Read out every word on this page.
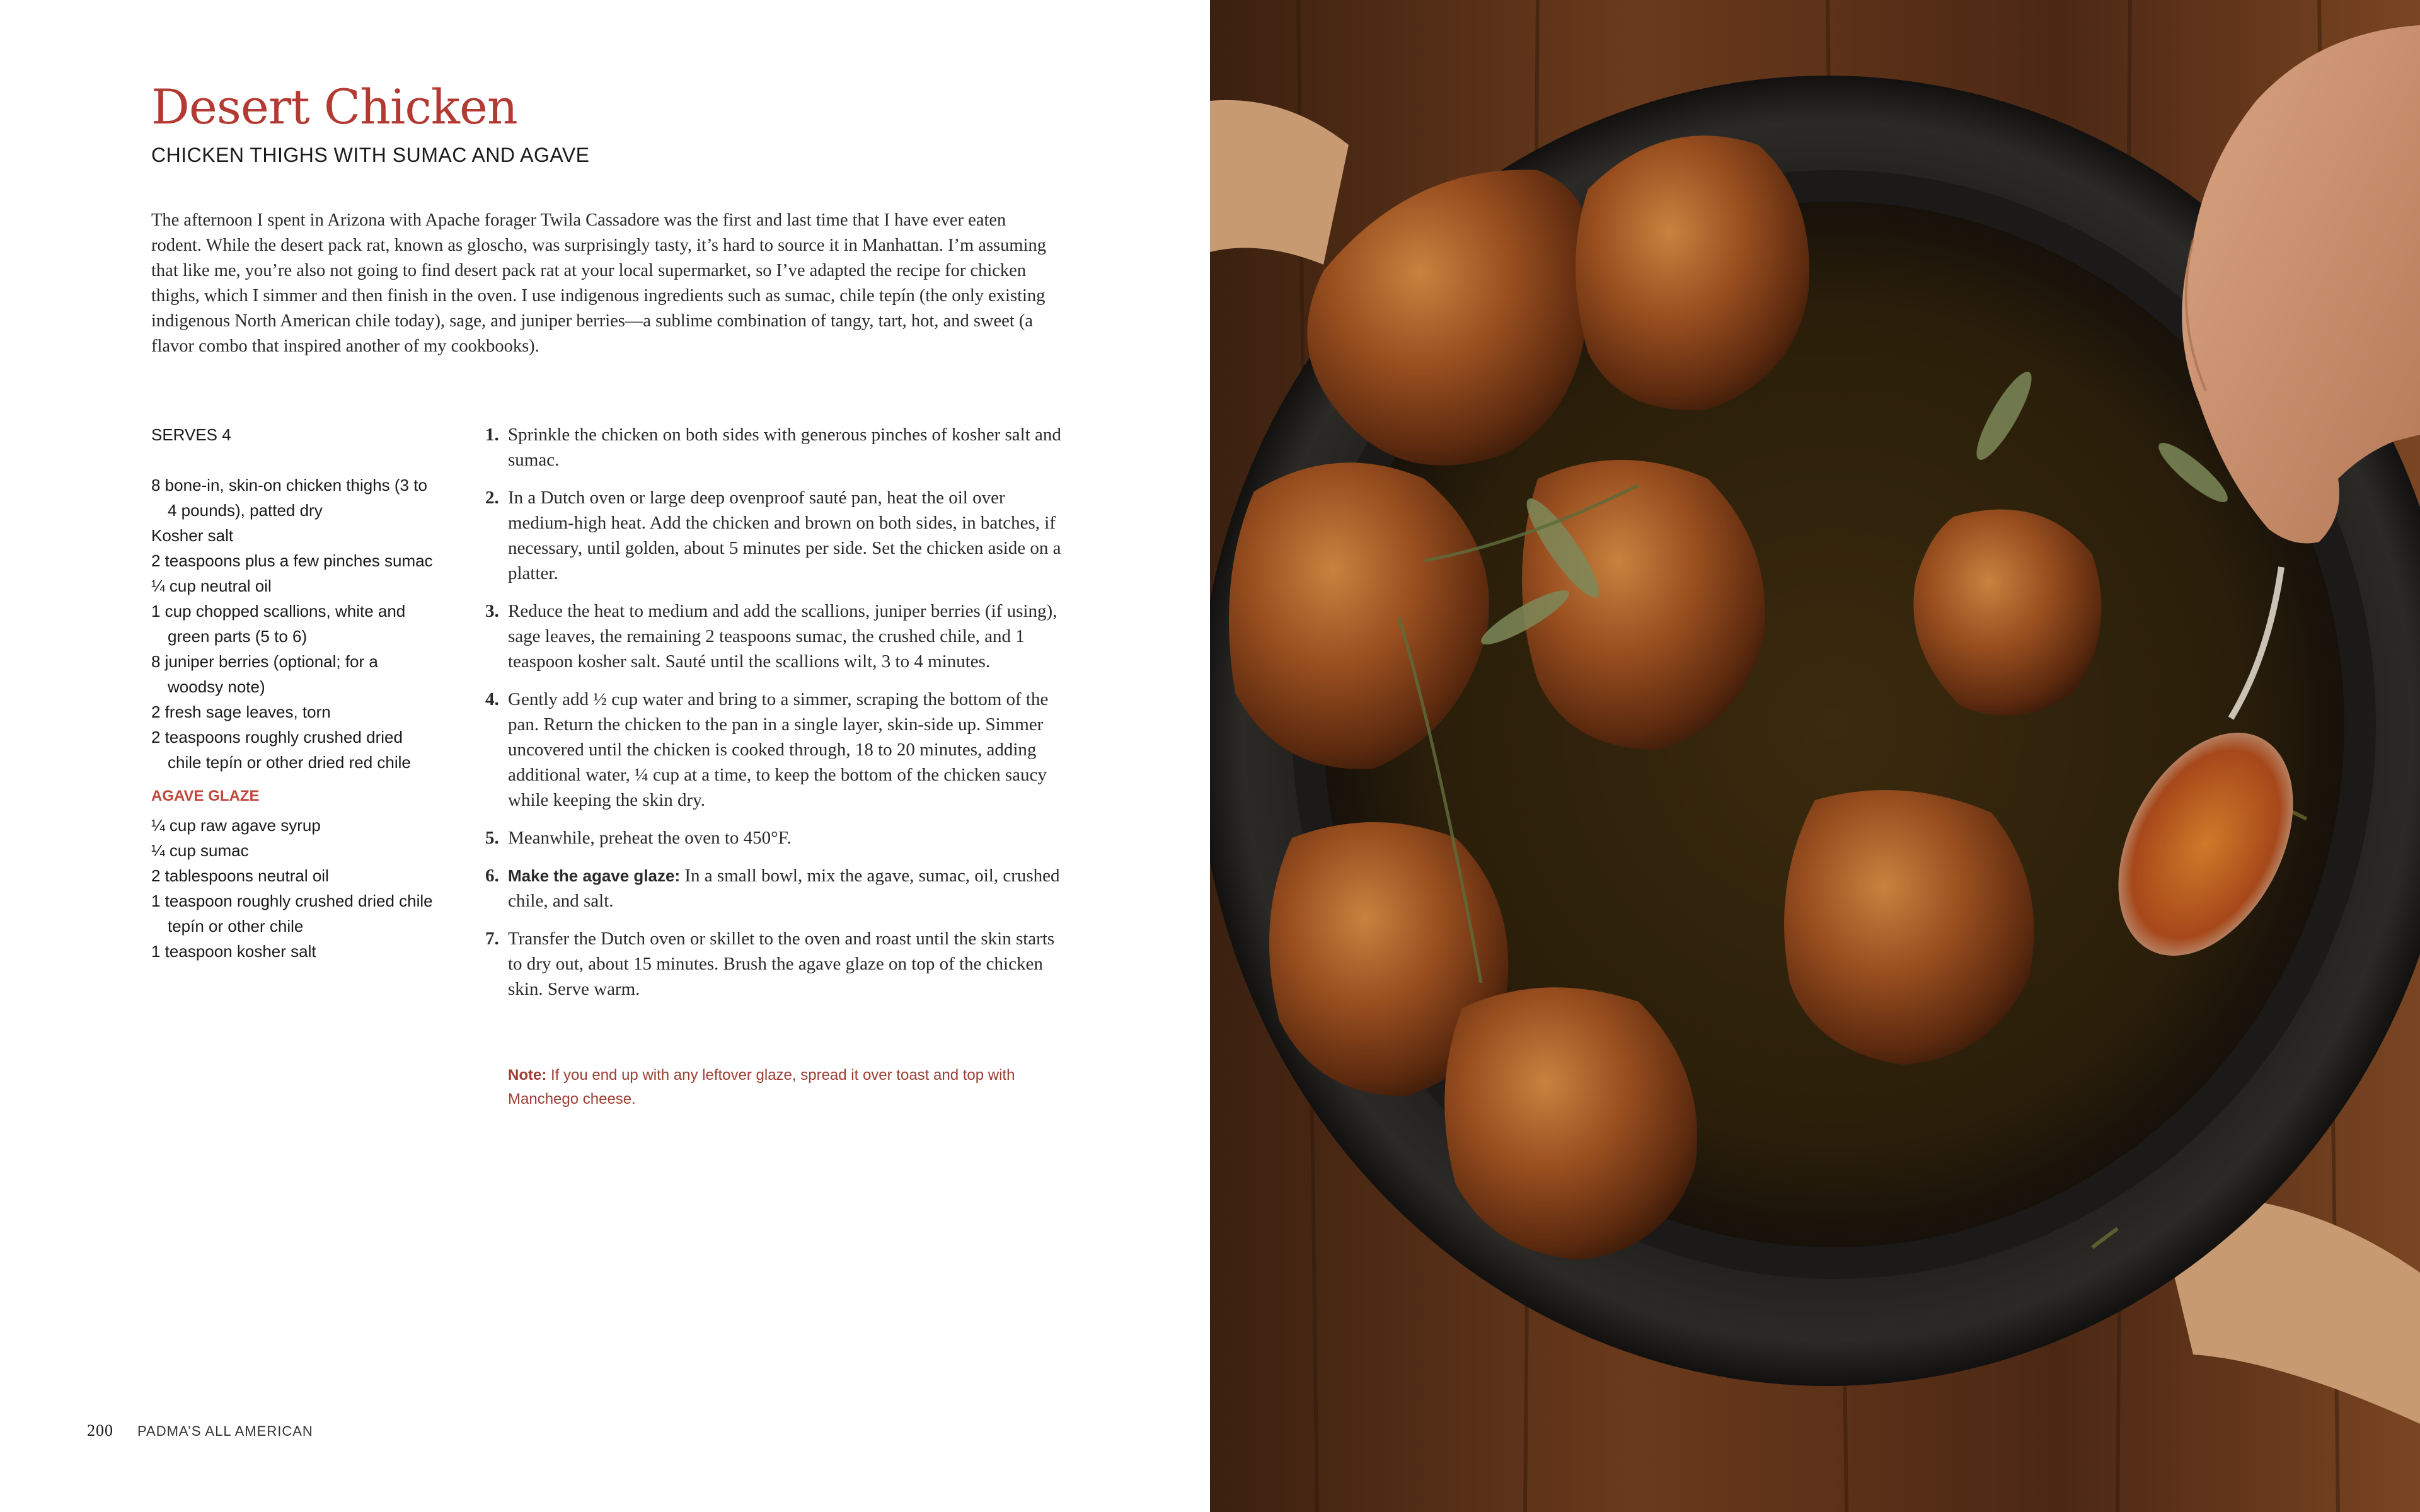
Desert Chicken
CHICKEN THIGHS WITH SUMAC AND AGAVE

The afternoon I spent in Arizona with Apache forager Twila Cassadore was the first and last time that I have ever eaten rodent. While the desert pack rat, known as gloscho, was surprisingly tasty, it’s hard to source it in Manhattan. I’m assuming that like me, you’re also not going to find desert pack rat at your local supermarket, so I’ve adapted the recipe for chicken thighs, which I simmer and then finish in the oven. I use indigenous ingredients such as sumac, chile tepín (the only existing indigenous North American chile today), sage, and juniper berries—a sublime combination of tangy, tart, hot, and sweet (a flavor combo that inspired another of my cookbooks).

SERVES 4
8 bone-in, skin-on chicken thighs (3 to 4 pounds), patted dry
Kosher salt
2 teaspoons plus a few pinches sumac
¼ cup neutral oil
1 cup chopped scallions, white and green parts (5 to 6)
8 juniper berries (optional; for a woodsy note)
2 fresh sage leaves, torn
2 teaspoons roughly crushed dried chile tepín or other dried red chile
AGAVE GLAZE
¼ cup raw agave syrup
¼ cup sumac
2 tablespoons neutral oil
1 teaspoon roughly crushed dried chile tepín or other chile
1 teaspoon kosher salt
1. Sprinkle the chicken on both sides with generous pinches of kosher salt and sumac.
2. In a Dutch oven or large deep ovenproof sauté pan, heat the oil over medium-high heat. Add the chicken and brown on both sides, in batches, if necessary, until golden, about 5 minutes per side. Set the chicken aside on a platter.
3. Reduce the heat to medium and add the scallions, juniper berries (if using), sage leaves, the remaining 2 teaspoons sumac, the crushed chile, and 1 teaspoon kosher salt. Sauté until the scallions wilt, 3 to 4 minutes.
4. Gently add ½ cup water and bring to a simmer, scraping the bottom of the pan. Return the chicken to the pan in a single layer, skin-side up. Simmer uncovered until the chicken is cooked through, 18 to 20 minutes, adding additional water, ¼ cup at a time, to keep the bottom of the chicken saucy while keeping the skin dry.
5. Meanwhile, preheat the oven to 450°F.
6. Make the agave glaze: In a small bowl, mix the agave, sumac, oil, crushed chile, and salt.
7. Transfer the Dutch oven or skillet to the oven and roast until the skin starts to dry out, about 15 minutes. Brush the agave glaze on top of the chicken skin. Serve warm.
Note: If you end up with any leftover glaze, spread it over toast and top with Manchego cheese.
200 PADMA’S ALL AMERICAN
